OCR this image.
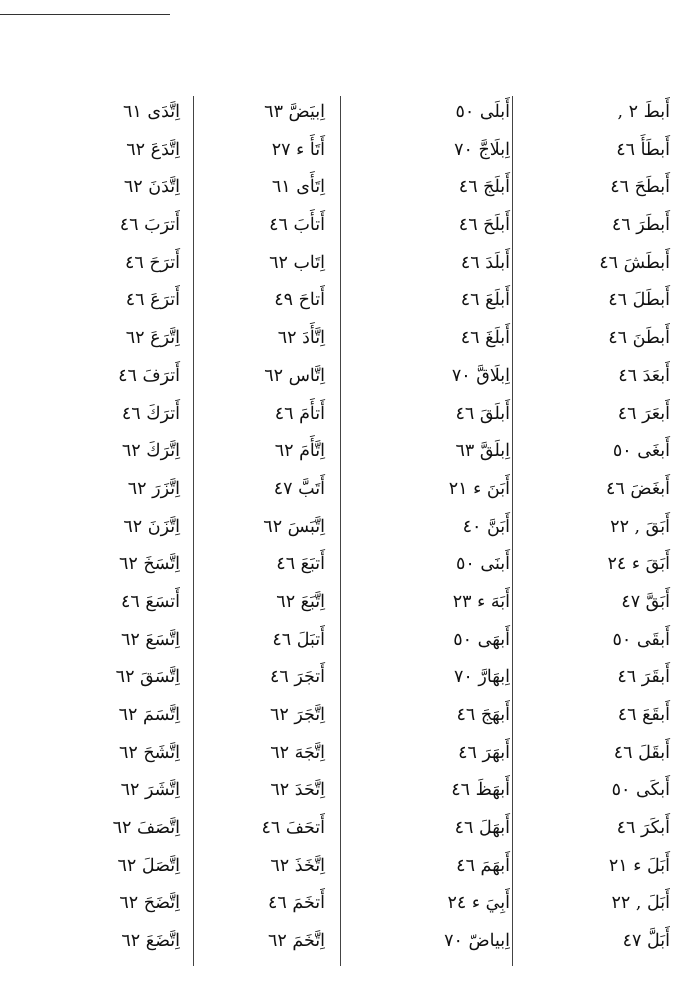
أَبطَ ۲ ,
أَبطَأَ ٤٦
أَبطَحَ ٤٦
أَبطَرَ ٤٦
أَبطَشَ ٤٦
أَبطَلَ ٤٦
أَبطَنَ ٤٦
أَبعَدَ ٤٦
أَبعَرَ ٤٦
أَبغَى ٥٠
أَبغَضَ ٤٦
أَبَقَ , ٢٢
أَبَقَ ء ٢٤
أَبَقَّ ٤٧
أَبقَى ٥٠
أَبقَرَ ٤٦
أَبقَعَ ٤٦
أَبقَلَ ٤٦
أَبكَى ٥٠
أَبكَرَ ٤٦
أَبَلَ ء ٢١
أَبَلَ , ٢٢
أَبَلَّ ٤٧
أَبلَى ٥٠
اِبلَاجَّ ٧٠
أَبلَجَ ٤٦
أَبلَحَ ٤٦
أَبلَدَ ٤٦
أَبلَعَ ٤٦
أَبلَغَ ٤٦
اِبلَاقَّ ٧٠
أَبلَقَ ٤٦
اِبلَقَّ ٦٣
أَبَنَ ء ٢١
أَبَنَّ ٤٠
أَبنَى ٥٠
أَبَهَ ء ٢٣
أَبهَى ٥٠
اِبهَارَّ ٧٠
أَبهَجَ ٤٦
أَبهَرَ ٤٦
أَبهَظَ ٤٦
أَبهَلَ ٤٦
أَبهَمَ ٤٦
أَبِيَ ء ٢٤
اِبياضّ ٧٠
اِبيَضَّ ٦٣
أَتَأَ ء ٢٧
اِتَأَى ٦١
أَتأَبَ ٤٦
اِتَاب ٦٢
أَتاحَ ٤٩
اِتَّأَدَ ٦٢
اِتَّاس ٦٢
أَتأَمَ ٤٦
اِتَّأَمَ ٦٢
أَتَبَّ ٤٧
اِتَّبَسَ ٦٢
أَتبَعَ ٤٦
اِتَّبَعَ ٦٢
أَتبَلَ ٤٦
أَتجَرَ ٤٦
اِتَّجَرَ ٦٢
اِتَّجَهَ ٦٢
اِتَّحَدَ ٦٢
أَتحَفَ ٤٦
اِتَّخَذَ ٦٢
أَتخَمَ ٤٦
اِتَّخَمَ ٦٢
اِتَّدَى ٦١
اِتَّدَعَ ٦٢
اِتَّدَنَ ٦٢
أَترَبَ ٤٦
أَترَحَ ٤٦
أَترَعَ ٤٦
اِتَّرَعَ ٦٢
أَترَفَ ٤٦
أَترَكَ ٤٦
اِتَّرَكَ ٦٢
اِتَّزَرَ ٦٢
اِتَّزَنَ ٦٢
اِتَّسَخَ ٦٢
أَتسَعَ ٤٦
اِتَّسَعَ ٦٢
اِتَّسَقَ ٦٢
اِتَّسَمَ ٦٢
اِتَّشَحَ ٦٢
اِتَّشَرَ ٦٢
اِتَّصَفَ ٦٢
اِتَّصَلَ ٦٢
اِتَّضَحَ ٦٢
اِتَّضَعَ ٦٢
